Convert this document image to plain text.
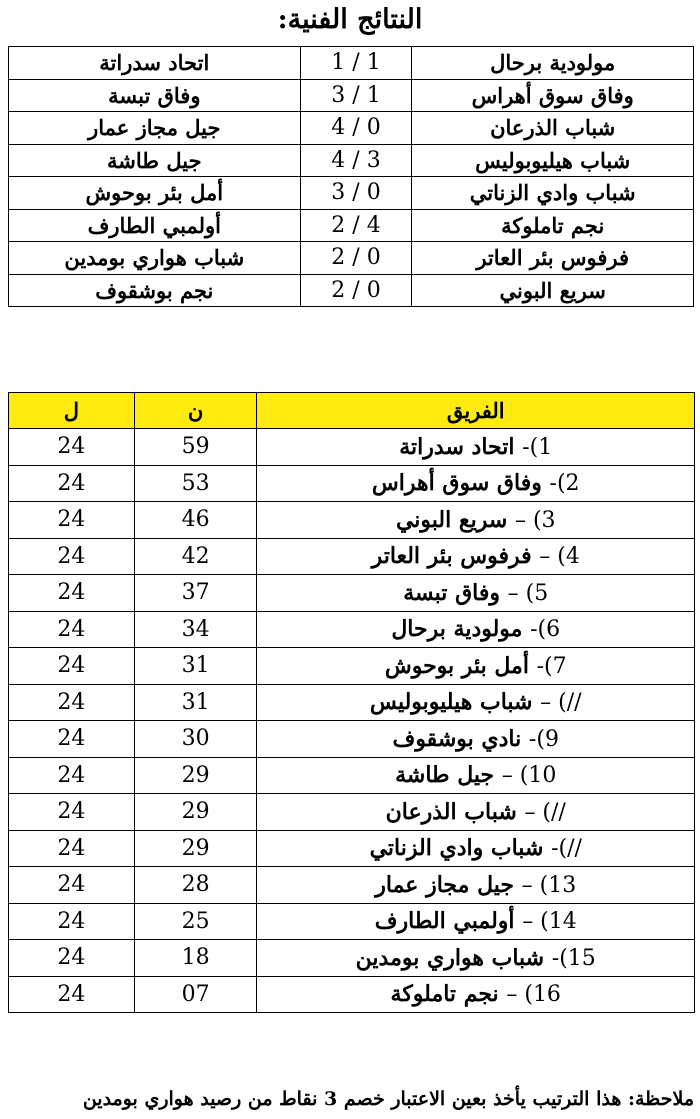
النتائج الفنية:
اتحاد سدراتة	1 / 1	مولودية برحال
وفاق تبسة	3 / 1	وفاق سوق أهراس
جيل مجاز عمار	4 / 0	شباب الذرعان
جيل طاشة	4 / 3	شباب هيليوبوليس
أمل بئر بوحوش	3 / 0	شباب وادي الزناتي
أولمبي الطارف	2 / 4	نجم تاملوكة
شباب هواري بومدين	2 / 0	فرفوس بئر العاتر
نجم بوشقوف	2 / 0	سريع البوني
ل	ن	الفريق
24	59	1)- اتحاد سدراتة
24	53	2)- وفاق سوق أهراس
24	46	3) – سريع البوني
24	42	4) – فرفوس بئر العاتر
24	37	5) – وفاق تبسة
24	34	6)- مولودية برحال
24	31	7)- أمل بئر بوحوش
24	31	//) – شباب هيليوبوليس
24	30	9)- نادي بوشقوف
24	29	10) – جيل طاشة
24	29	//) – شباب الذرعان
24	29	//)- شباب وادي الزناتي
24	28	13) – جيل مجاز عمار
24	25	14) – أولمبي الطارف
24	18	15)- شباب هواري بومدين
24	07	16) – نجم تاملوكة
ملاحظة: هذا الترتيب يأخذ بعين الاعتبار خصم 3 نقاط من رصيد هواري بومدين
